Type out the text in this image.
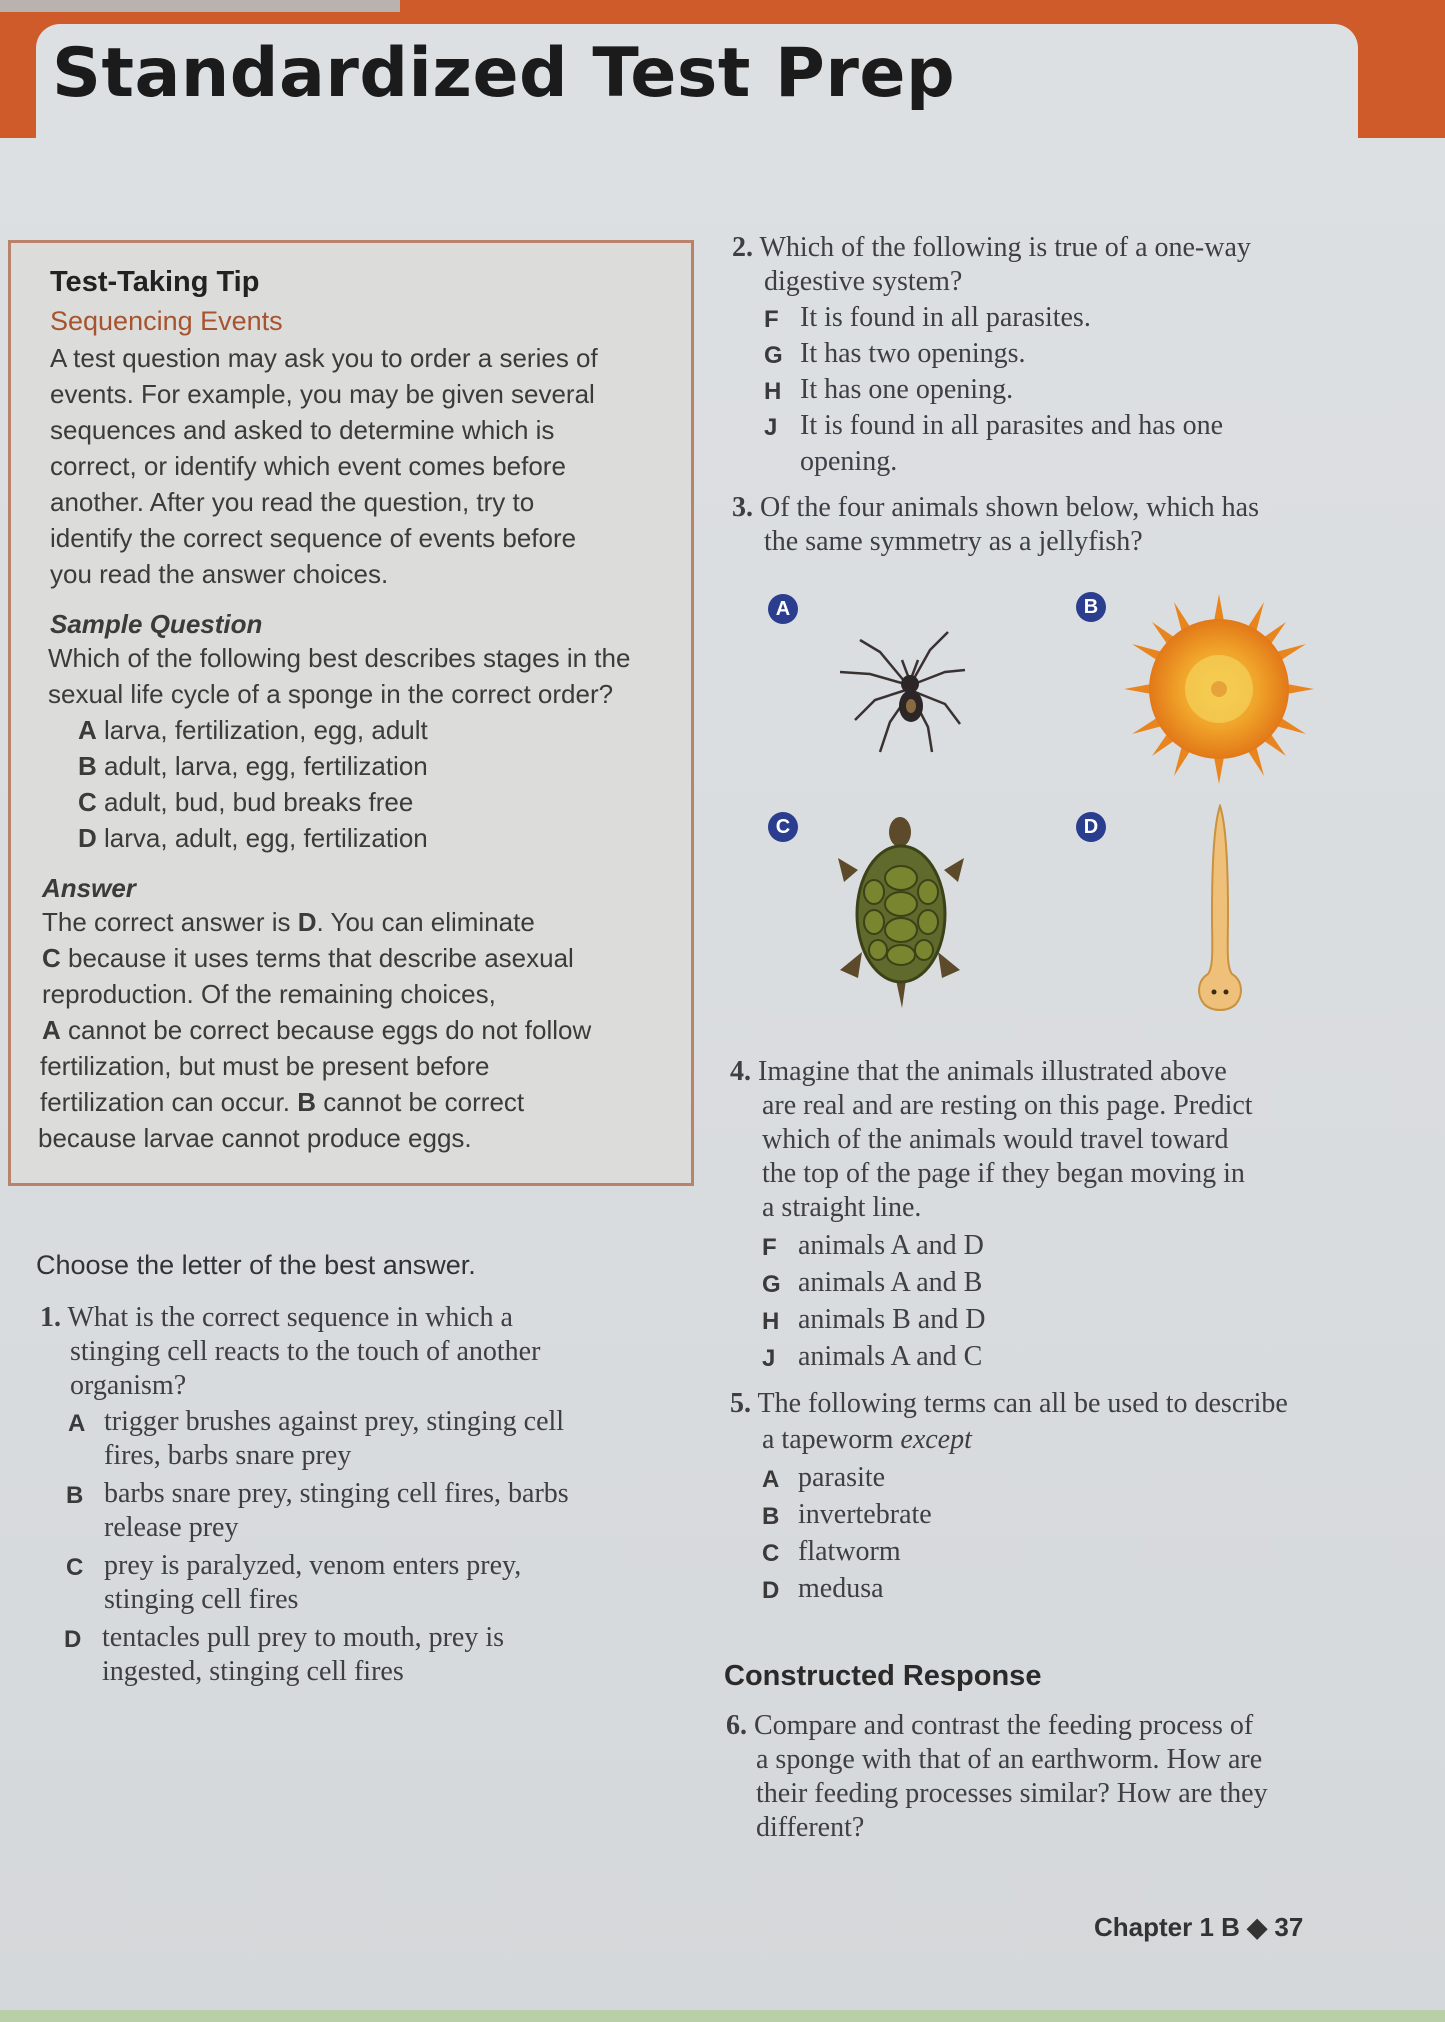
Standardized Test Prep
Test-Taking Tip
Sequencing Events
A test question may ask you to order a series of
events. For example, you may be given several
sequences and asked to determine which is
correct, or identify which event comes before
another. After you read the question, try to
identify the correct sequence of events before
you read the answer choices.
Sample Question
Which of the following best describes stages in the
sexual life cycle of a sponge in the correct order?
A larva, fertilization, egg, adult
B adult, larva, egg, fertilization
C adult, bud, bud breaks free
D larva, adult, egg, fertilization
Answer
The correct answer is D. You can eliminate
C because it uses terms that describe asexual
reproduction. Of the remaining choices,
A cannot be correct because eggs do not follow
fertilization, but must be present before
fertilization can occur. B cannot be correct
because larvae cannot produce eggs.
Choose the letter of the best answer.
1. What is the correct sequence in which a
stinging cell reacts to the touch of another
organism?
A trigger brushes against prey, stinging cell
fires, barbs snare prey
B barbs snare prey, stinging cell fires, barbs
release prey
C prey is paralyzed, venom enters prey,
stinging cell fires
D tentacles pull prey to mouth, prey is
ingested, stinging cell fires
2. Which of the following is true of a one-way
digestive system?
F It is found in all parasites.
G It has two openings.
H It has one opening.
J It is found in all parasites and has one
opening.
3. Of the four animals shown below, which has
the same symmetry as a jellyfish?
A	B
C	D
4. Imagine that the animals illustrated above
are real and are resting on this page. Predict
which of the animals would travel toward
the top of the page if they began moving in
a straight line.
F animals A and D
G animals A and B
H animals B and D
J animals A and C
5. The following terms can all be used to describe
a tapeworm except
A parasite
B invertebrate
C flatworm
D medusa
Constructed Response
6. Compare and contrast the feeding process of
a sponge with that of an earthworm. How are
their feeding processes similar? How are they
different?
Chapter 1 B ◆ 37
